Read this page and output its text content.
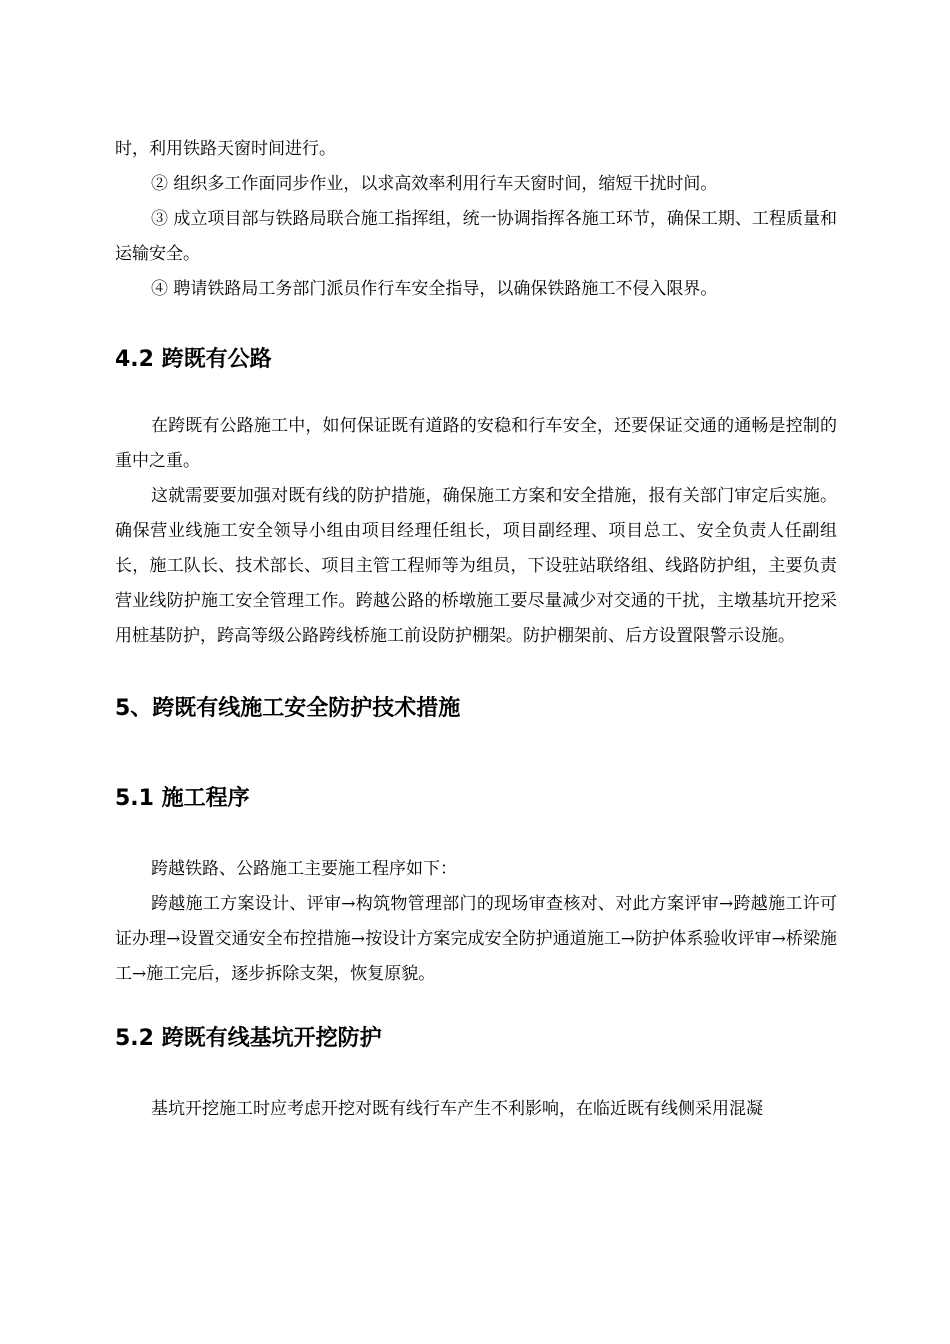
时，利用铁路天窗时间进行。

② 组织多工作面同步作业，以求高效率利用行车天窗时间，缩短干扰时间。

③ 成立项目部与铁路局联合施工指挥组，统一协调指挥各施工环节，确保工期、工程质量和运输安全。

④ 聘请铁路局工务部门派员作行车安全指导，以确保铁路施工不侵入限界。

4.2 跨既有公路

在跨既有公路施工中，如何保证既有道路的安稳和行车安全，还要保证交通的通畅是控制的重中之重。

这就需要要加强对既有线的防护措施，确保施工方案和安全措施，报有关部门审定后实施。确保营业线施工安全领导小组由项目经理任组长，项目副经理、项目总工、安全负责人任副组长，施工队长、技术部长、项目主管工程师等为组员，下设驻站联络组、线路防护组，主要负责营业线防护施工安全管理工作。跨越公路的桥墩施工要尽量减少对交通的干扰，主墩基坑开挖采用桩基防护，跨高等级公路跨线桥施工前设防护棚架。防护棚架前、后方设置限警示设施。

5、跨既有线施工安全防护技术措施
5.1 施工程序

跨越铁路、公路施工主要施工程序如下：

跨越施工方案设计、评审→构筑物管理部门的现场审查核对、对此方案评审→跨越施工许可证办理→设置交通安全布控措施→按设计方案完成安全防护通道施工→防护体系验收评审→桥梁施工→施工完后，逐步拆除支架，恢复原貌。

5.2 跨既有线基坑开挖防护

基坑开挖施工时应考虑开挖对既有线行车产生不利影响，在临近既有线侧采用混凝
